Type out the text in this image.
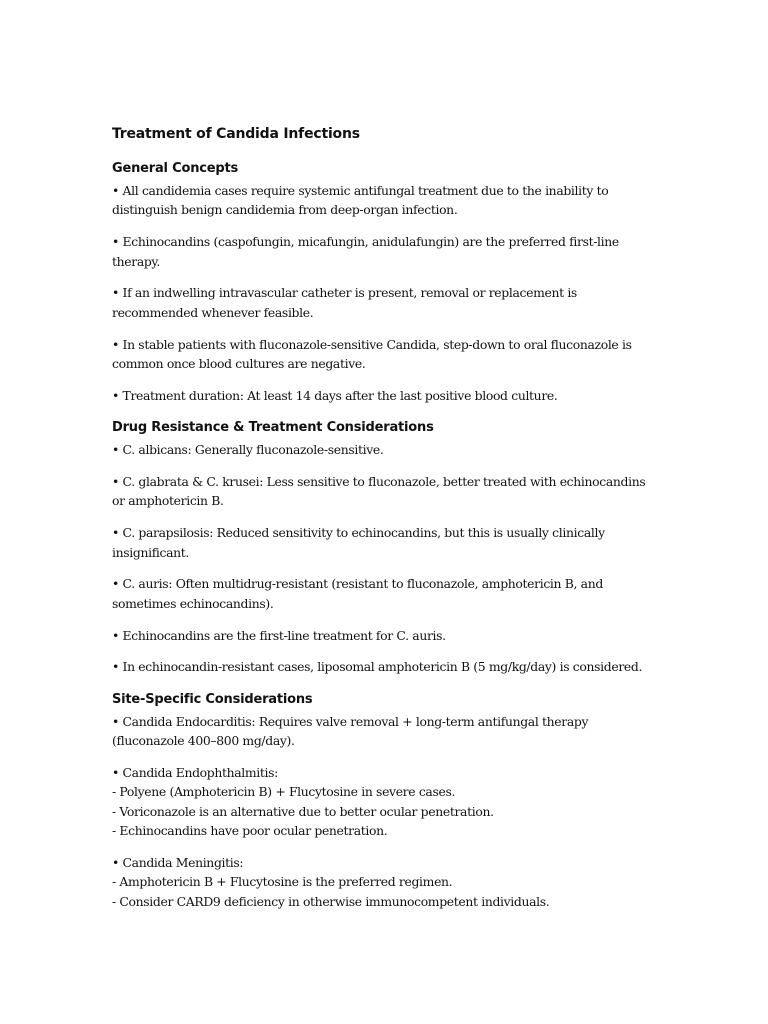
Treatment of Candida Infections
General Concepts
• All candidemia cases require systemic antifungal treatment due to the inability to distinguish benign candidemia from deep-organ infection.
• Echinocandins (caspofungin, micafungin, anidulafungin) are the preferred first-line therapy.
• If an indwelling intravascular catheter is present, removal or replacement is recommended whenever feasible.
• In stable patients with fluconazole-sensitive Candida, step-down to oral fluconazole is common once blood cultures are negative.
• Treatment duration: At least 14 days after the last positive blood culture.
Drug Resistance & Treatment Considerations
• C. albicans: Generally fluconazole-sensitive.
• C. glabrata & C. krusei: Less sensitive to fluconazole, better treated with echinocandins or amphotericin B.
• C. parapsilosis: Reduced sensitivity to echinocandins, but this is usually clinically insignificant.
• C. auris: Often multidrug-resistant (resistant to fluconazole, amphotericin B, and sometimes echinocandins).
• Echinocandins are the first-line treatment for C. auris.
• In echinocandin-resistant cases, liposomal amphotericin B (5 mg/kg/day) is considered.
Site-Specific Considerations
• Candida Endocarditis: Requires valve removal + long-term antifungal therapy (fluconazole 400–800 mg/day).
• Candida Endophthalmitis:
- Polyene (Amphotericin B) + Flucytosine in severe cases.
- Voriconazole is an alternative due to better ocular penetration.
- Echinocandins have poor ocular penetration.
• Candida Meningitis:
- Amphotericin B + Flucytosine is the preferred regimen.
- Consider CARD9 deficiency in otherwise immunocompetent individuals.
